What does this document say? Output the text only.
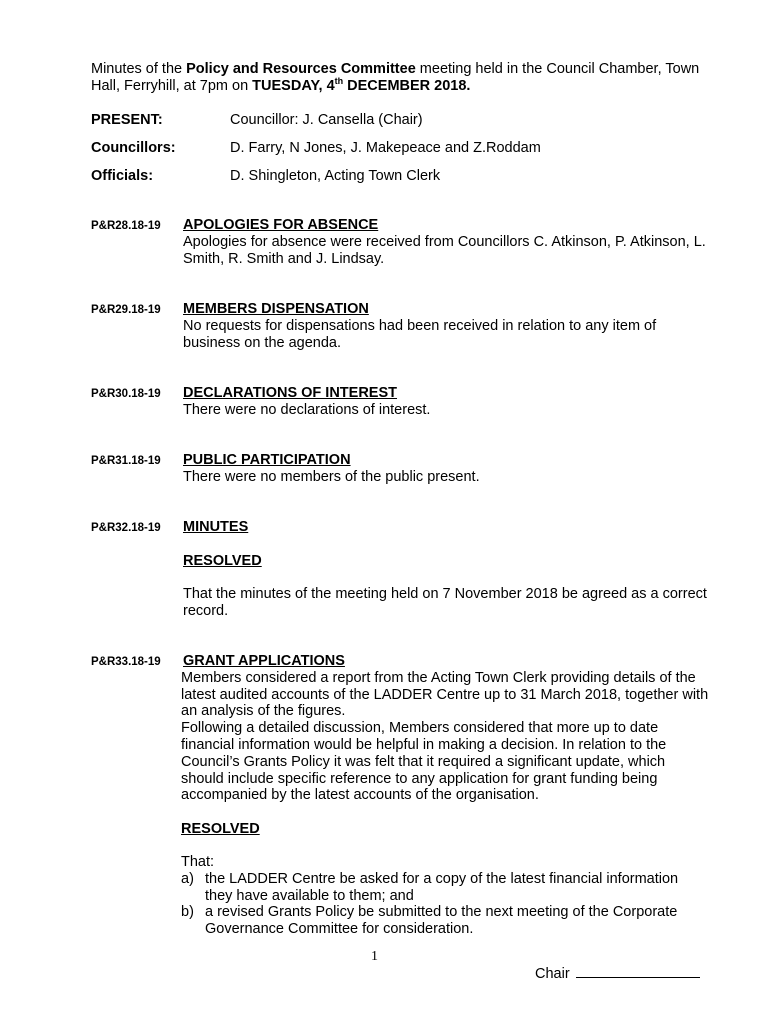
Minutes of the Policy and Resources Committee meeting held in the Council Chamber, Town Hall, Ferryhill, at 7pm on TUESDAY, 4th DECEMBER 2018.
PRESENT:	Councillor: J. Cansella (Chair)
Councillors:	D. Farry, N Jones, J. Makepeace and Z.Roddam
Officials:	D. Shingleton, Acting Town Clerk
P&R28.18-19 APOLOGIES FOR ABSENCE
Apologies for absence were received from Councillors C. Atkinson, P. Atkinson, L. Smith, R. Smith and J. Lindsay.
P&R29.18-19 MEMBERS DISPENSATION
No requests for dispensations had been received in relation to any item of business on the agenda.
P&R30.18-19 DECLARATIONS OF INTEREST
There were no declarations of interest.
P&R31.18-19 PUBLIC PARTICIPATION
There were no members of the public present.
P&R32.18-19 MINUTES
RESOLVED
That the minutes of the meeting held on 7 November 2018 be agreed as a correct record.
P&R33.18-19 GRANT APPLICATIONS
Members considered a report from the Acting Town Clerk providing details of the latest audited accounts of the LADDER Centre up to 31 March 2018, together with an analysis of the figures.
Following a detailed discussion, Members considered that more up to date financial information would be helpful in making a decision. In relation to the Council’s Grants Policy it was felt that it required a significant update, which should include specific reference to any application for grant funding being accompanied by the latest accounts of the organisation.
RESOLVED
That:
a) the LADDER Centre be asked for a copy of the latest financial information they have available to them; and
b) a revised Grants Policy be submitted to the next meeting of the Corporate Governance Committee for consideration.
1
Chair
